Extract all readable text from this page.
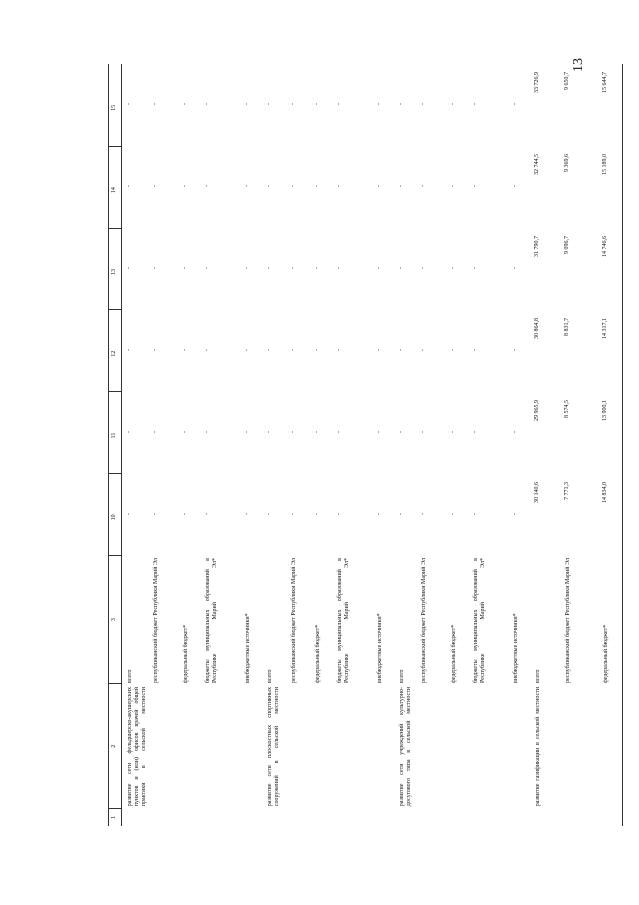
13
1
2
3
10
11
12
13
14
15
развитие сети фельдшерско-акушерских пунктов и (или) офисов врачей общей практики в сельской местности
всего
-
-
-
-
-
-
республиканский бюджет Республики Марий Эл
-
-
-
-
-
-
федеральный бюджет*
-
-
-
-
-
-
бюджеты муниципальных образований в Республике Марий Эл*
-
-
-
-
-
-
внебюджетные источники*
-
-
-
-
-
-
развитие сети плоскостных спортивных сооружений в сельской местности
всего
-
-
-
-
-
-
республиканский бюджет Республики Марий Эл
-
-
-
-
-
-
федеральный бюджет*
-
-
-
-
-
-
бюджеты муниципальных образований в Республике Марий Эл*
-
-
-
-
-
-
внебюджетные источники*
-
-
-
-
-
-
развитие сети учреждений культурно-досугового типа в сельской местности
всего
-
-
-
-
-
-
республиканский бюджет Республики Марий Эл
-
-
-
-
-
-
федеральный бюджет*
-
-
-
-
-
-
бюджеты муниципальных образований в Республике Марий Эл*
-
-
-
-
-
-
внебюджетные источники*
-
-
-
-
-
-
развитие газификации в сельской местности
всего
30 140,6
29 965,9
30 864,8
31 790,7
32 744,5
33 726,9
республиканский бюджет Республики Марий Эл
7 771,3
8 574,5
8 831,7
9 096,7
9 369,6
9 650,7
федеральный бюджет*
14 834,0
13 900,1
14 317,1
14 746,6
15 189,0
15 644,7
